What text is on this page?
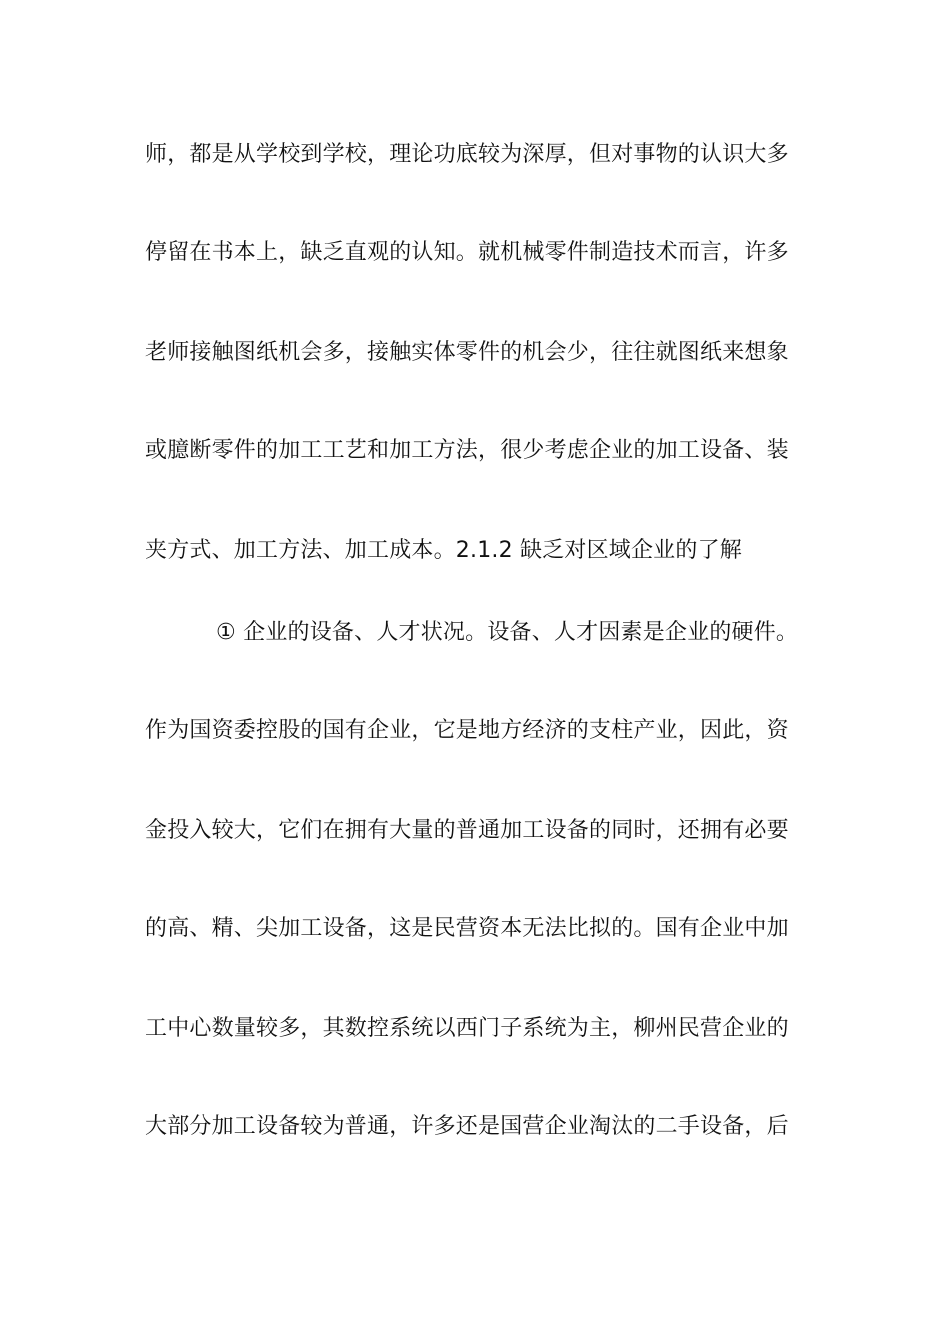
师，都是从学校到学校，理论功底较为深厚，但对事物的认识大多
停留在书本上，缺乏直观的认知。就机械零件制造技术而言，许多
老师接触图纸机会多，接触实体零件的机会少，往往就图纸来想象
或臆断零件的加工工艺和加工方法，很少考虑企业的加工设备、装
夹方式、加工方法、加工成本。2.1.2 缺乏对区域企业的了解
① 企业的设备、人才状况。设备、人才因素是企业的硬件。
作为国资委控股的国有企业，它是地方经济的支柱产业，因此，资
金投入较大，它们在拥有大量的普通加工设备的同时，还拥有必要
的高、精、尖加工设备，这是民营资本无法比拟的。国有企业中加
工中心数量较多，其数控系统以西门子系统为主，柳州民营企业的
大部分加工设备较为普通，许多还是国营企业淘汰的二手设备，后
